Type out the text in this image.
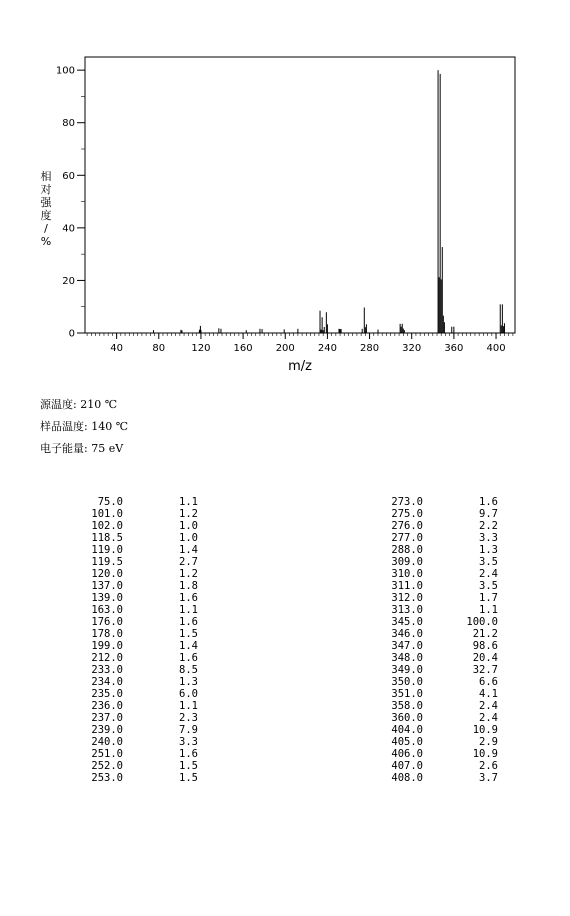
40	80	120 160 200 240 280 320 360 400
0
20
40
60
80
100
相对强度/ %
m/z
源温度: 210 ℃
样品温度: 140 ℃
电子能量: 75 eV
75.0	1.1
101.0	1.2
102.0	1.0
118.5	1.0
119.0	1.4
119.5	2.7
120.0	1.2
137.0	1.8
139.0	1.6
163.0	1.1
176.0	1.6
178.0	1.5
199.0	1.4
212.0	1.6
233.0	8.5
234.0	1.3
235.0	6.0
236.0	1.1
237.0	2.3
239.0	7.9
240.0	3.3
251.0	1.6
252.0	1.5
253.0	1.5
273.0	1.6
275.0	9.7
276.0	2.2
277.0	3.3
288.0	1.3
309.0	3.5
310.0	2.4
311.0	3.5
312.0	1.7
313.0	1.1
345.0	100.0
346.0	21.2
347.0	98.6
348.0	20.4
349.0	32.7
350.0	6.6
351.0	4.1
358.0	2.4
360.0	2.4
404.0	10.9
405.0	2.9
406.0	10.9
407.0	2.6
408.0	3.7
